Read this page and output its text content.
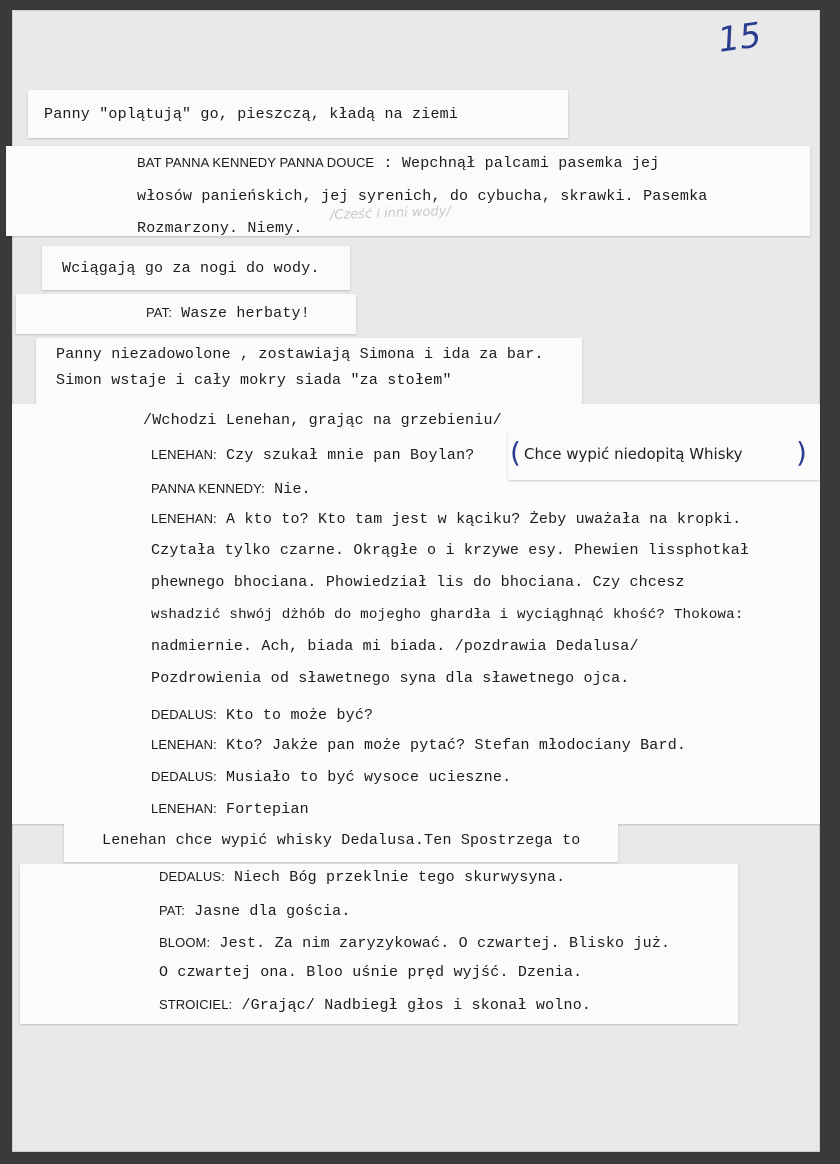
15
Panny "oplątują" go, pieszczą, kładą na ziemi
BAT PANNA KENNEDY PANNA DOUCE : Wepchnął palcami pasemka jej
włosów panieńskich, jej syrenich, do cybucha, skrawki. Pasemka
Rozmarzony. Niemy.
/Cześć i inni wody/
Wciągają go za nogi do wody.
PAT: Wasze herbaty!
Panny niezadowolone , zostawiają Simona i ida za bar.
Simon wstaje i cały mokry siada "za stołem"
/Wchodzi Lenehan, grając na grzebieniu/
LENEHAN: Czy szukał mnie pan Boylan?
PANNA KENNEDY: Nie.
LENEHAN: A kto to? Kto tam jest w kąciku? Żeby uważała na kropki.
Czytała tylko czarne. Okrągłe o i krzywe esy. Phewien lissphotkał
phewnego bhociana. Phowiedział lis do bhociana. Czy chcesz
wshadzić shwój dżhób do mojegho ghardła i wyciąghnąć khość? Thokowa:
nadmiernie. Ach, biada mi biada. /pozdrawia Dedalusa/
Pozdrowienia od sławetnego syna dla sławetnego ojca.
DEDALUS: Kto to może być?
LENEHAN: Kto? Jakże pan może pytać? Stefan młodociany Bard.
DEDALUS: Musiało to być wysoce ucieszne.
LENEHAN: Fortepian
( Chce wypić niedopitą Whisky )
Lenehan chce wypić whisky Dedalusa.Ten Spostrzega to
DEDALUS: Niech Bóg przeklnie tego skurwysyna.
PAT: Jasne dla gościa.
BLOOM: Jest. Za nim zaryzykować. O czwartej. Blisko już.
O czwartej ona. Bloo uśnie pręd wyjść. Dzenia.
STROICIEL: /Grając/ Nadbiegł głos i skonał wolno.
